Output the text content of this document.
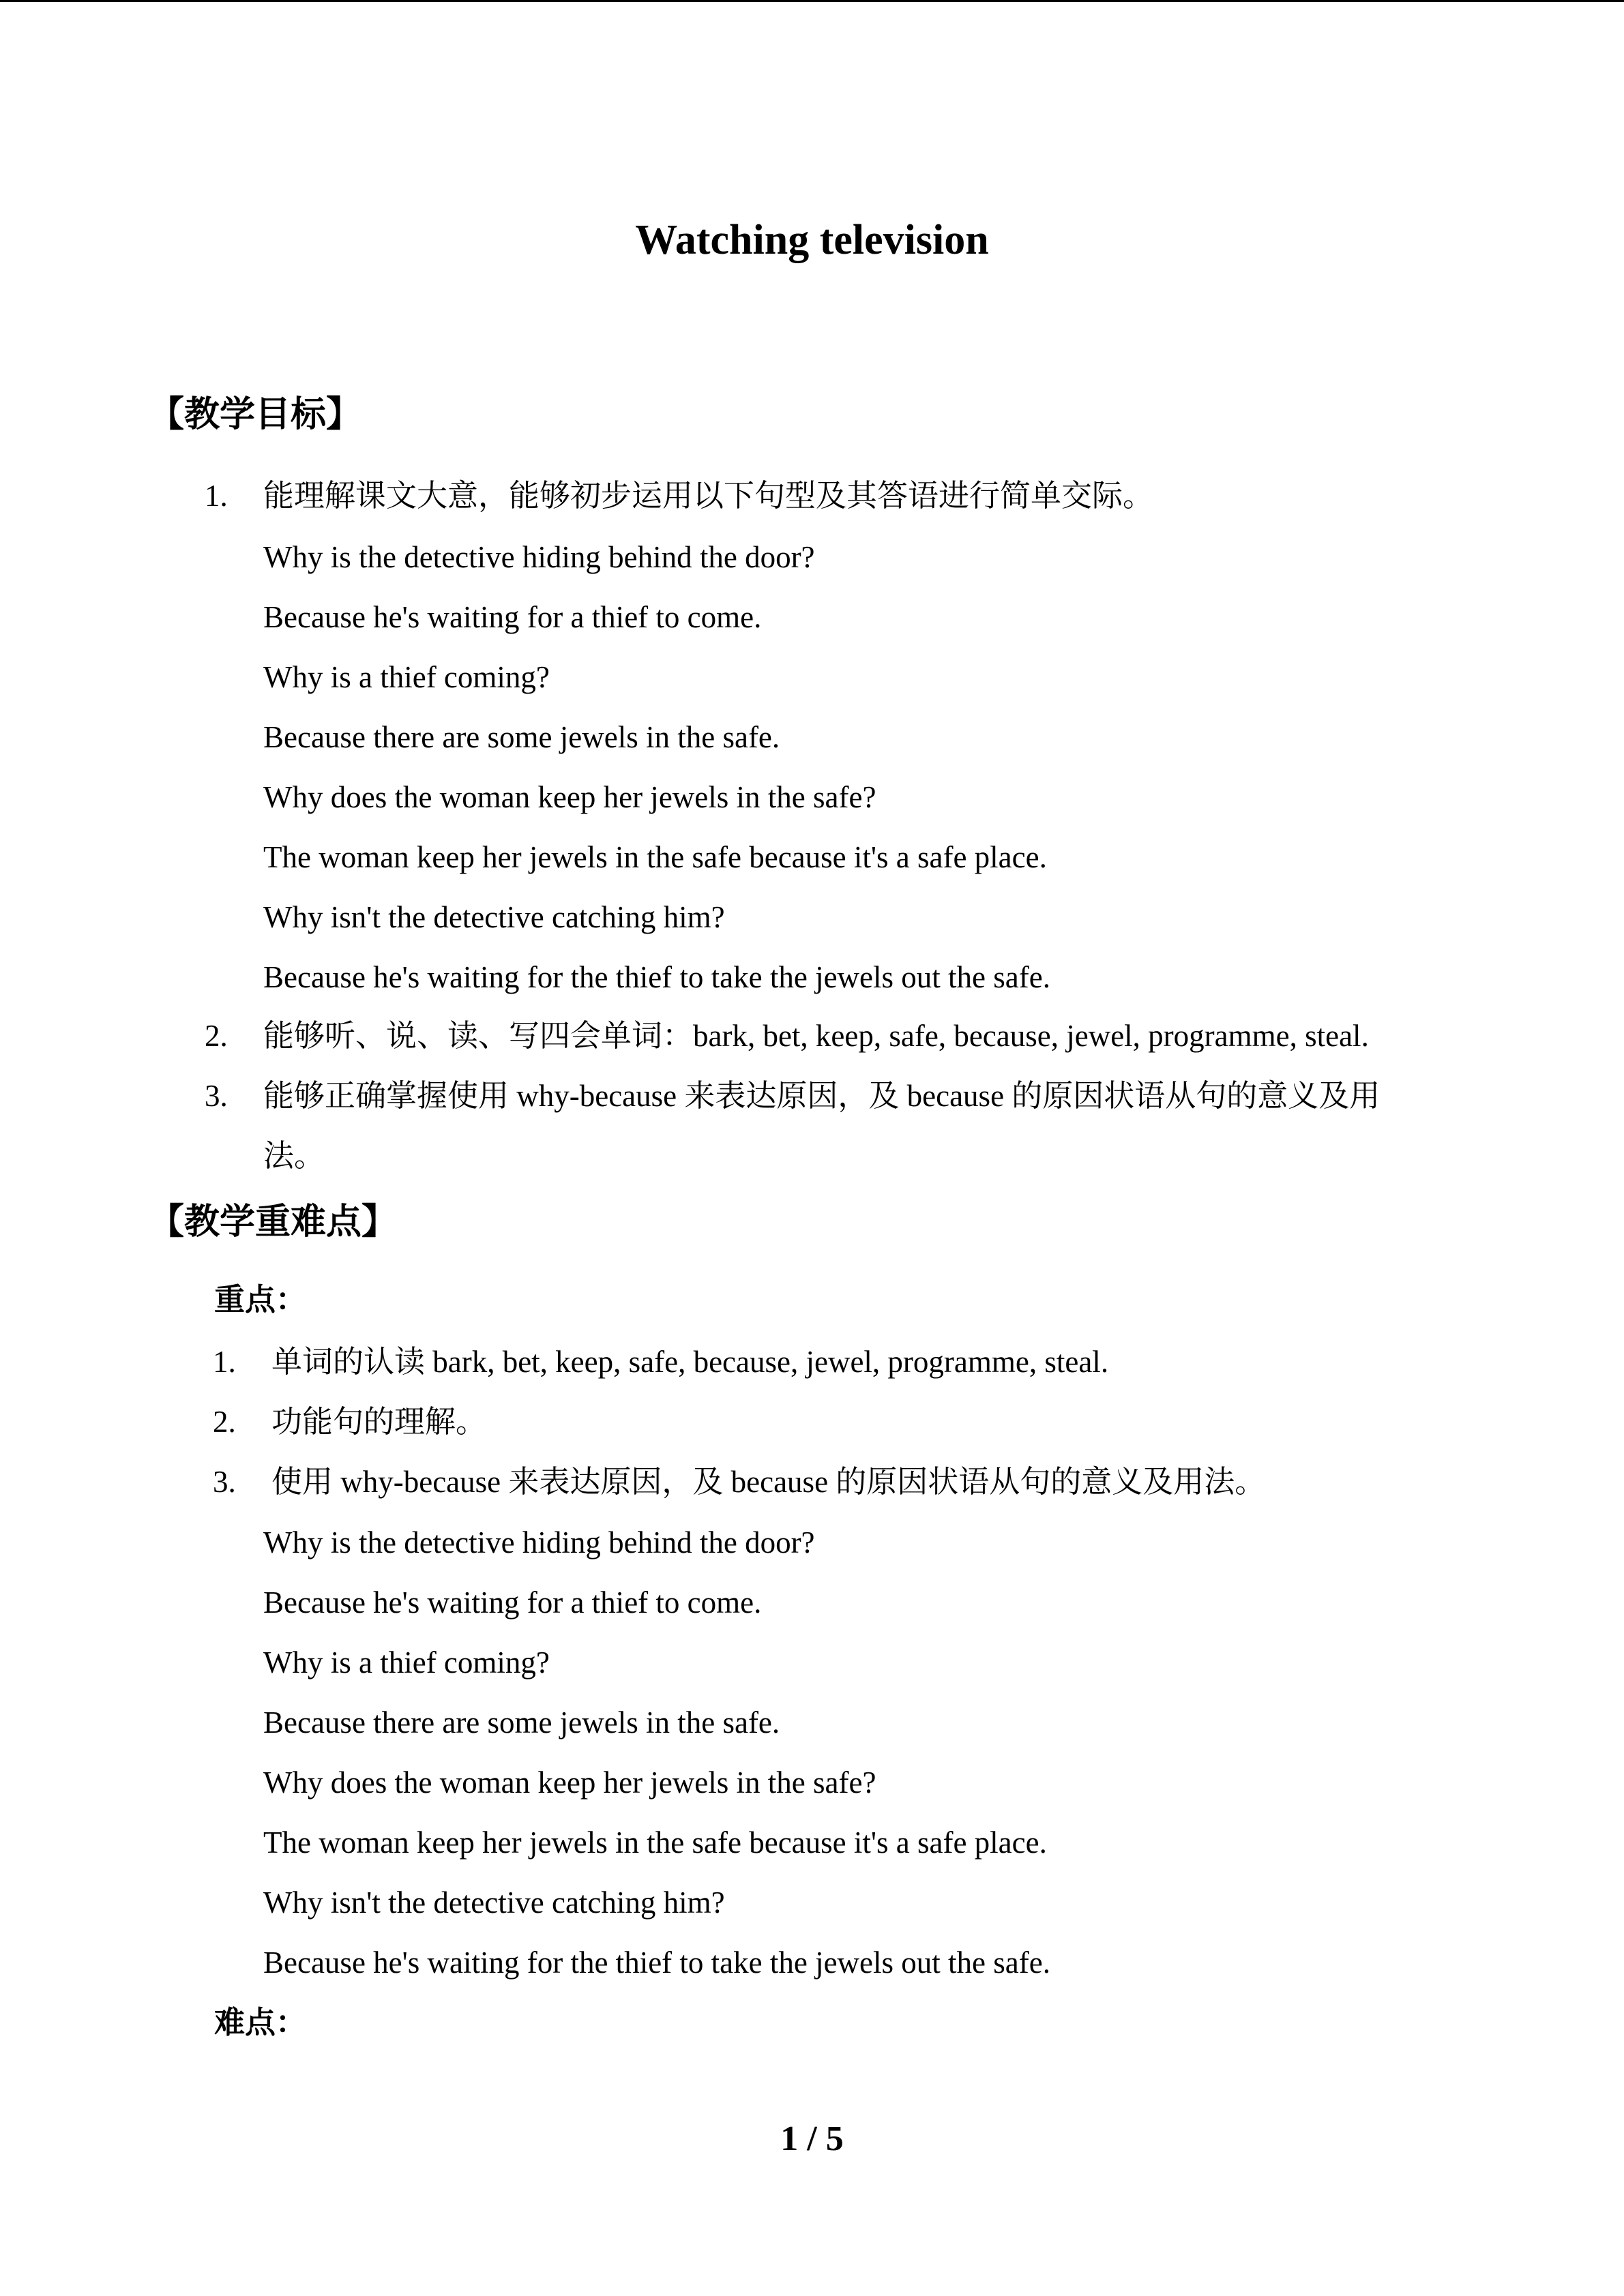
Watching television
【教学目标】
1. 能理解课文大意，能够初步运用以下句型及其答语进行简单交际。
Why is the detective hiding behind the door?
Because he's waiting for a thief to come.
Why is a thief coming?
Because there are some jewels in the safe.
Why does the woman keep her jewels in the safe?
The woman keep her jewels in the safe because it's a safe place.
Why isn't the detective catching him?
Because he's waiting for the thief to take the jewels out the safe.
2. 能够听、说、读、写四会单词：bark, bet, keep, safe, because, jewel, programme, steal.
3. 能够正确掌握使用 why-because 来表达原因，及 because 的原因状语从句的意义及用
法。
【教学重难点】
重点：
1. 单词的认读 bark, bet, keep, safe, because, jewel, programme, steal.
2. 功能句的理解。
3. 使用 why-because 来表达原因，及 because 的原因状语从句的意义及用法。
Why is the detective hiding behind the door?
Because he's waiting for a thief to come.
Why is a thief coming?
Because there are some jewels in the safe.
Why does the woman keep her jewels in the safe?
The woman keep her jewels in the safe because it's a safe place.
Why isn't the detective catching him?
Because he's waiting for the thief to take the jewels out the safe.
难点：
1 / 5
